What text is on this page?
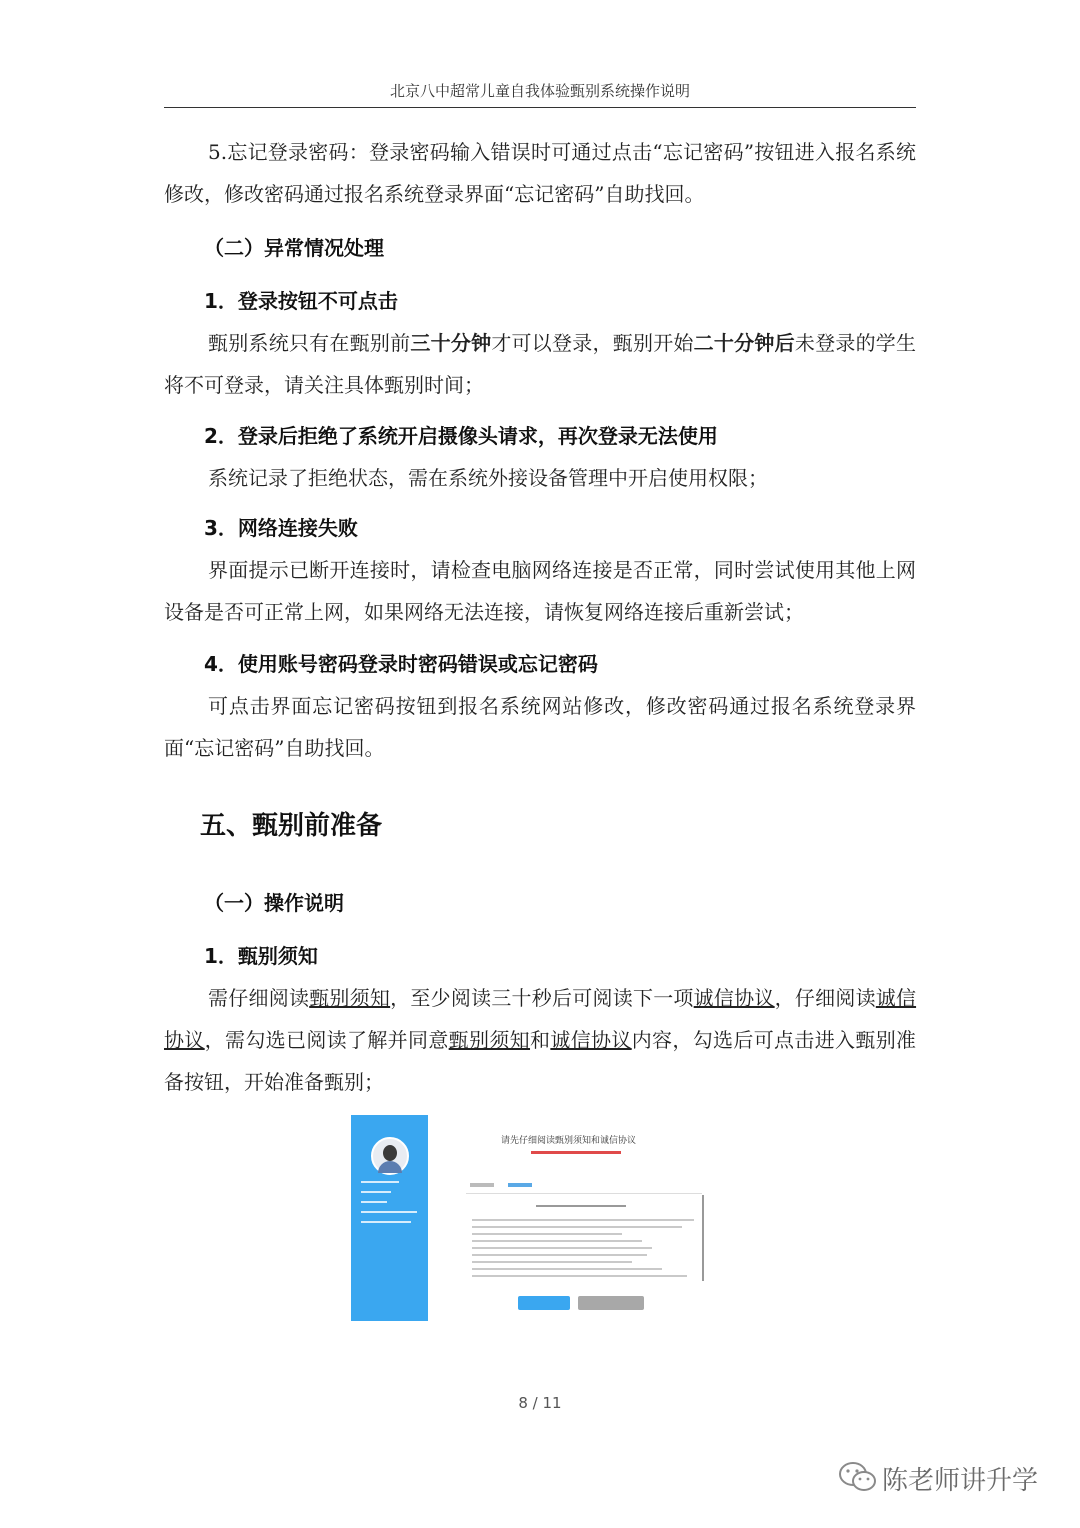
北京八中超常儿童自我体验甄别系统操作说明
5.忘记登录密码：登录密码输入错误时可通过点击“忘记密码”按钮进入报名系统修改，修改密码通过报名系统登录界面“忘记密码”自助找回。
（二）异常情况处理
1．登录按钮不可点击
甄别系统只有在甄别前三十分钟才可以登录，甄别开始二十分钟后未登录的学生将不可登录，请关注具体甄别时间；
2．登录后拒绝了系统开启摄像头请求，再次登录无法使用
系统记录了拒绝状态，需在系统外接设备管理中开启使用权限；
3．网络连接失败
界面提示已断开连接时，请检查电脑网络连接是否正常，同时尝试使用其他上网设备是否可正常上网，如果网络无法连接，请恢复网络连接后重新尝试；
4．使用账号密码登录时密码错误或忘记密码
可点击界面忘记密码按钮到报名系统网站修改，修改密码通过报名系统登录界面“忘记密码”自助找回。
五、甄别前准备
（一）操作说明
1．甄别须知
需仔细阅读甄别须知，至少阅读三十秒后可阅读下一项诚信协议，仔细阅读诚信协议，需勾选已阅读了解并同意甄别须知和诚信协议内容，勾选后可点击进入甄别准备按钮，开始准备甄别；
请先仔细阅读甄别须知和诚信协议
8 / 11
陈老师讲升学
